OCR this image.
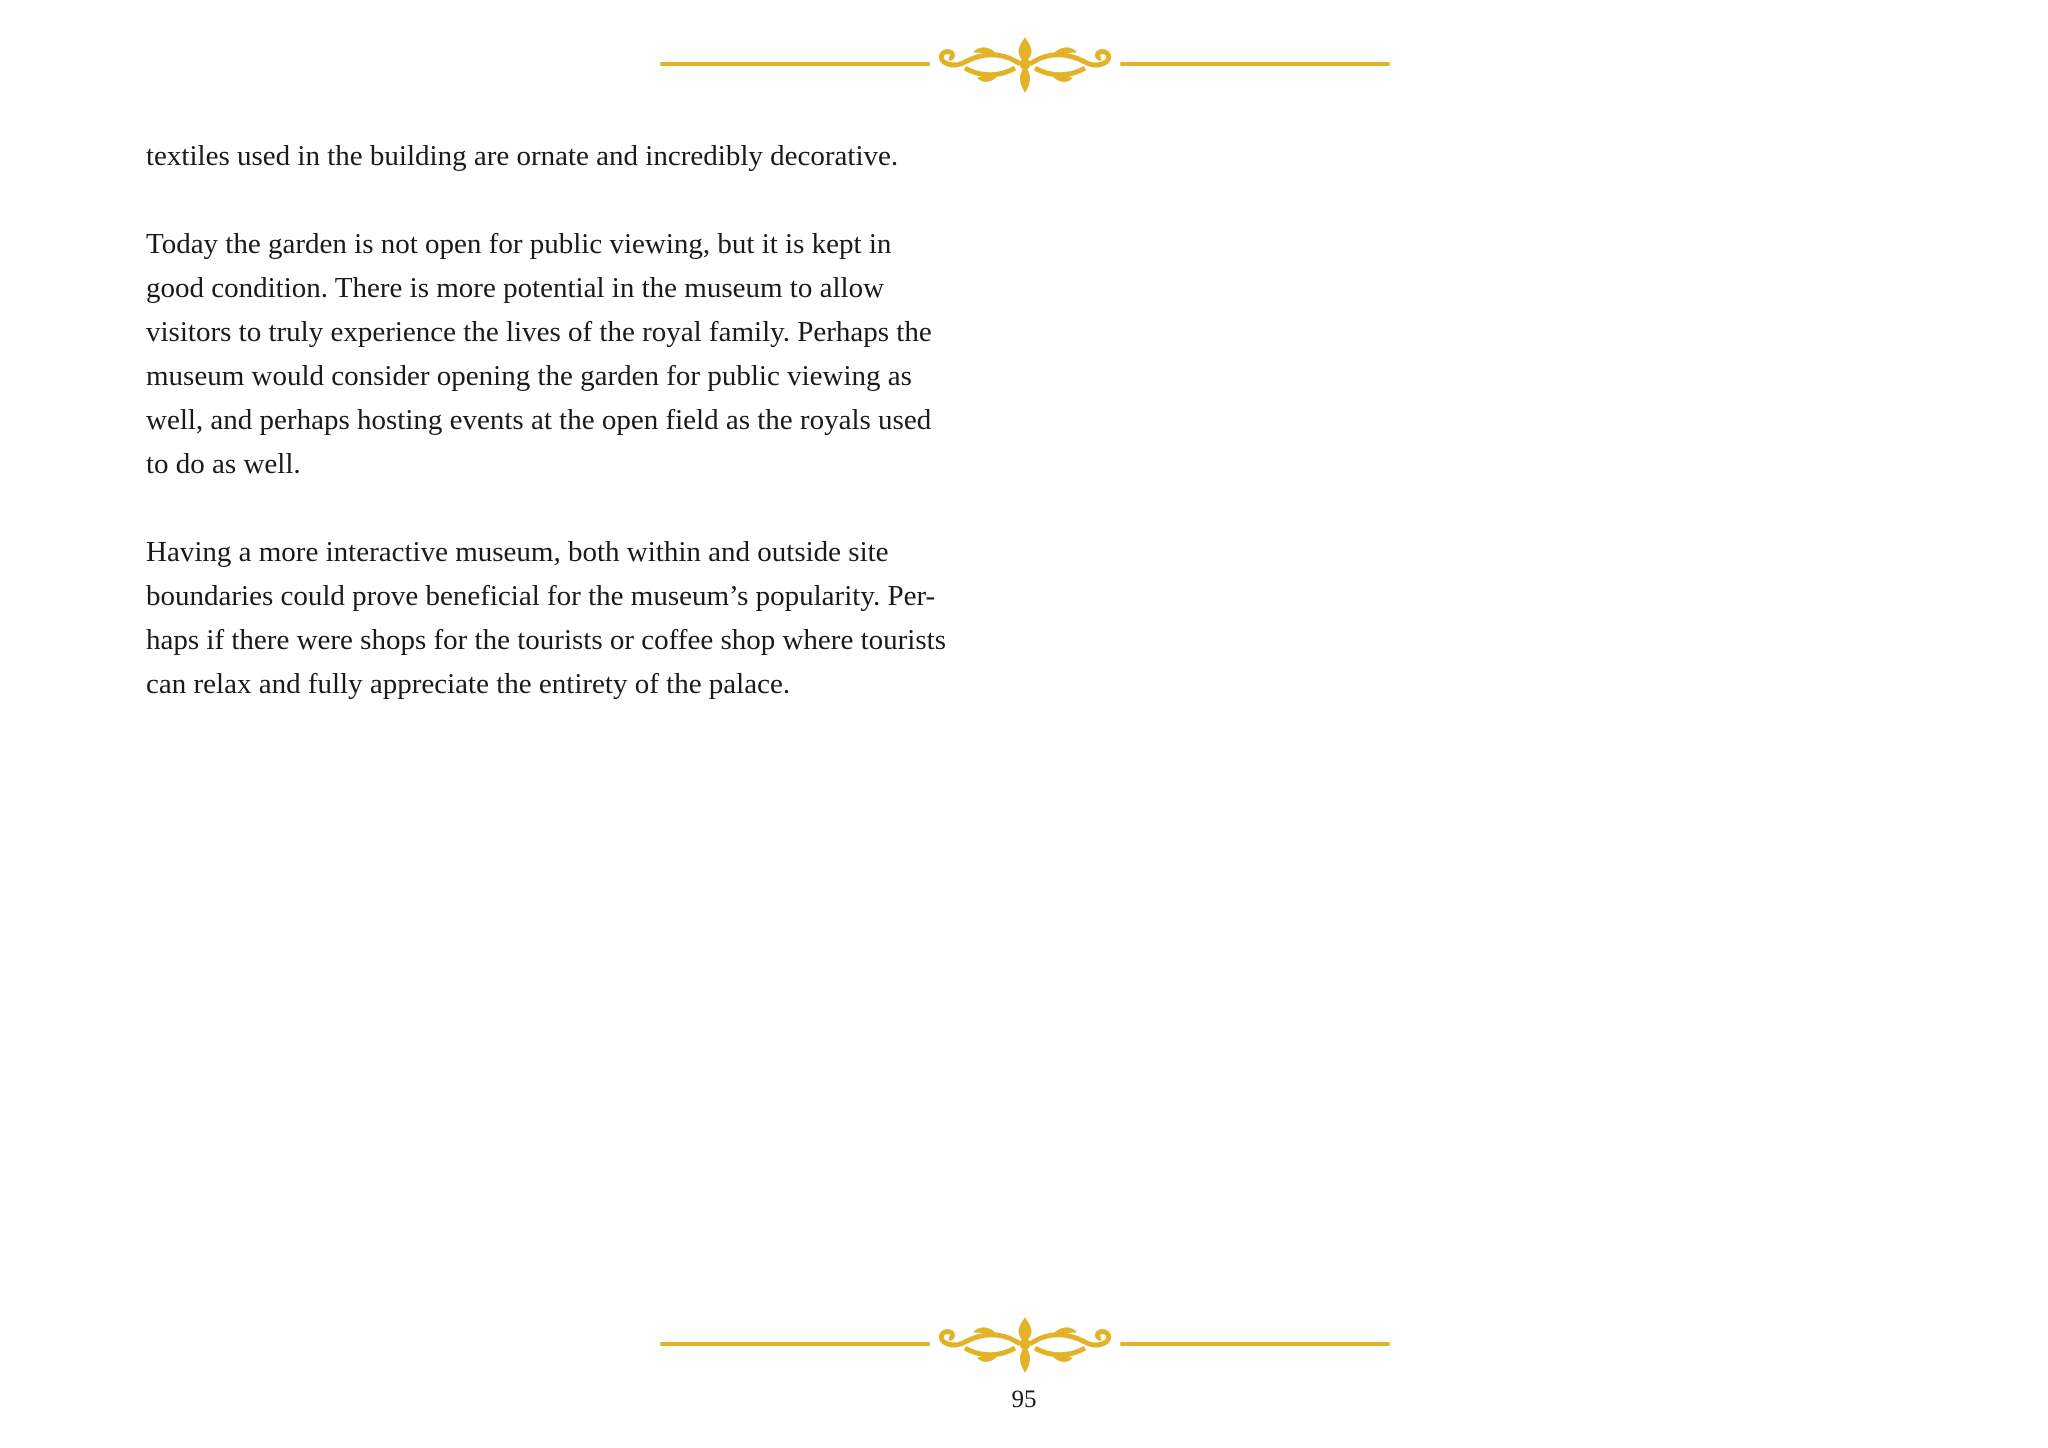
textiles used in the building are ornate and incredibly decorative.

Today the garden is not open for public viewing, but it is kept in
good condition. There is more potential in the museum to allow
visitors to truly experience the lives of the royal family. Perhaps the
museum would consider opening the garden for public viewing as
well, and perhaps hosting events at the open field as the royals used
to do as well.

Having a more interactive museum, both within and outside site
boundaries could prove beneficial for the museum’s popularity. Per-
haps if there were shops for the tourists or coffee shop where tourists
can relax and fully appreciate the entirety of the palace.

95
